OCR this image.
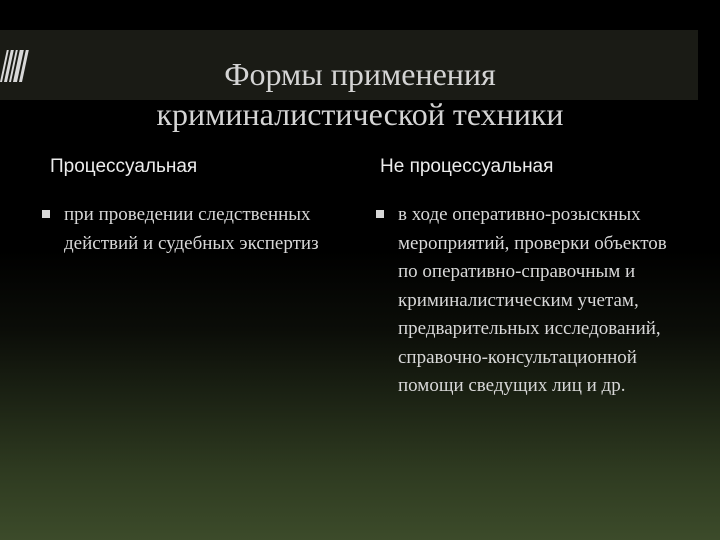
Формы применения криминалистической техники
Процессуальная	Не процессуальная

при проведении следственных действий и судебных экспертиз

в ходе оперативно-розыскных мероприятий, проверки объектов по оперативно-справочным и криминалистическим учетам, предварительных исследований, справочно-консультационной помощи сведущих лиц и др.
